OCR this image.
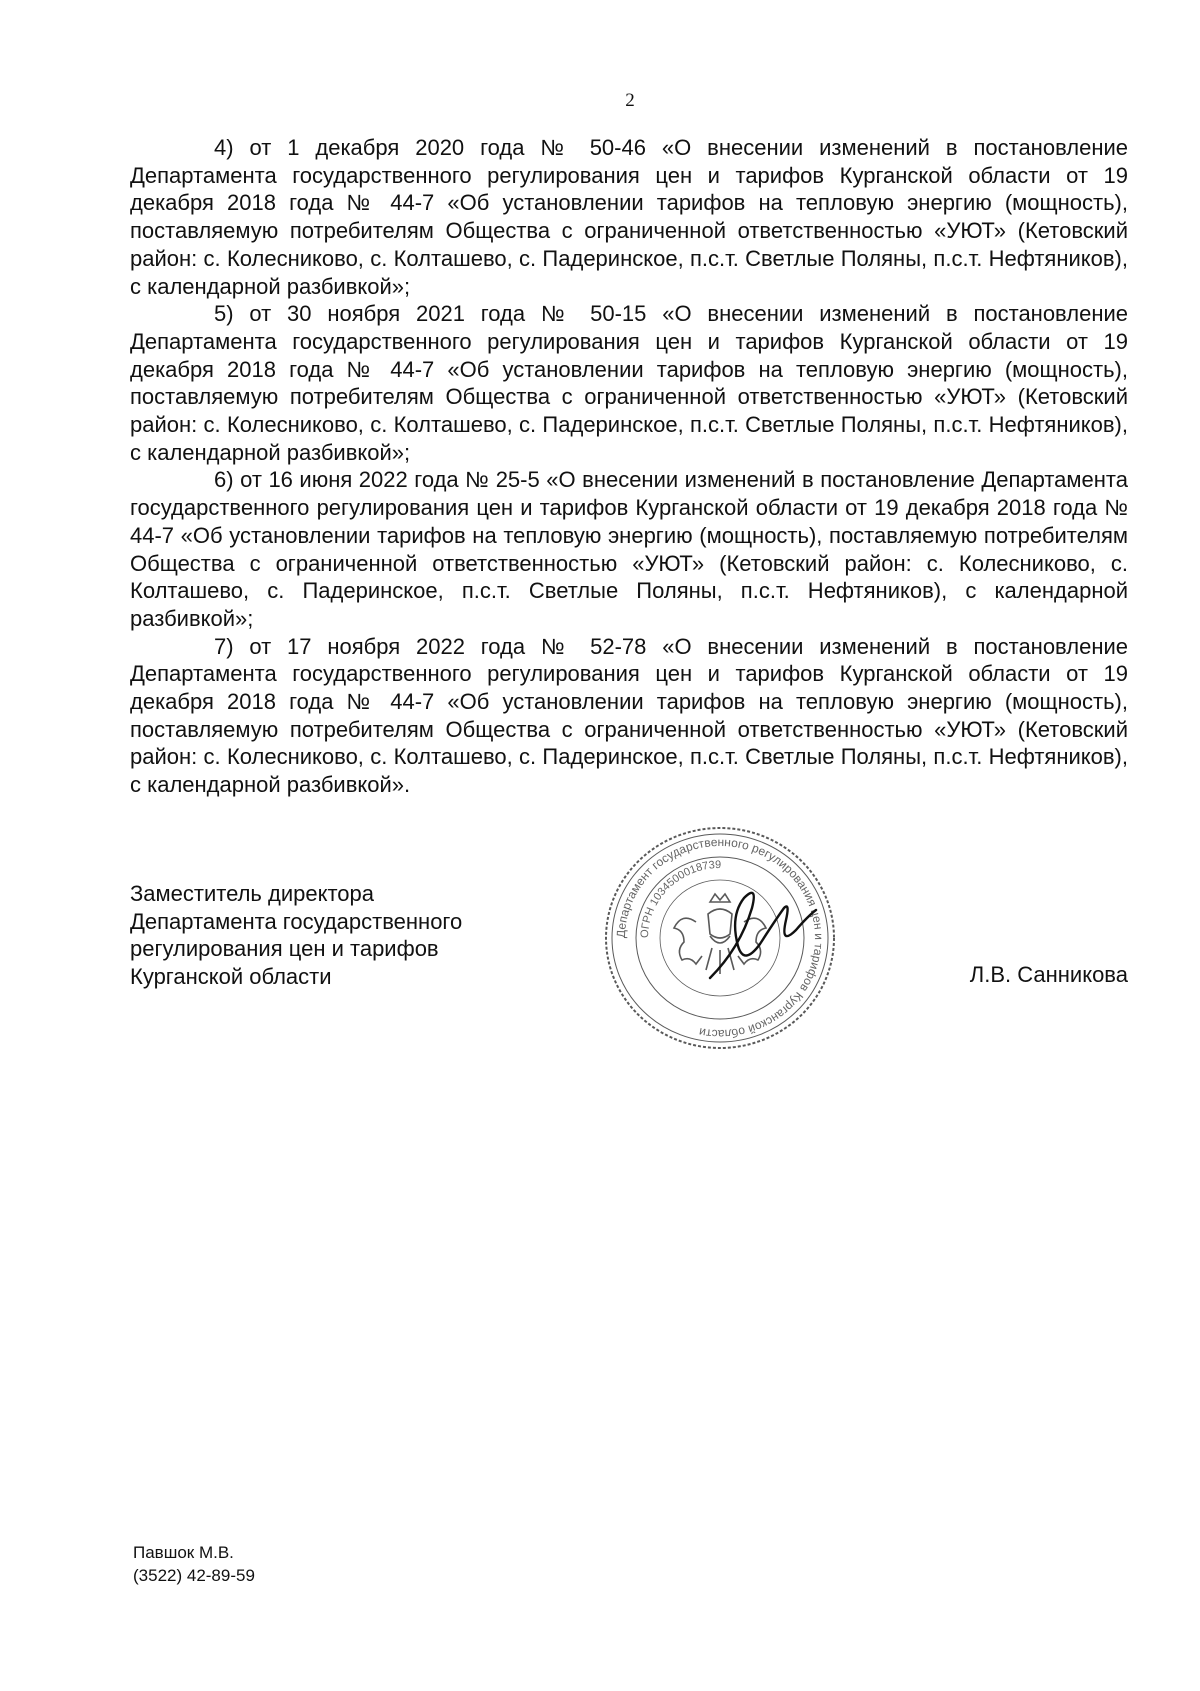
2

4) от 1 декабря 2020 года № 50-46 «О внесении изменений в постановление Департамента государственного регулирования цен и тарифов Курганской области от 19 декабря 2018 года № 44-7 «Об установлении тарифов на тепловую энергию (мощность), поставляемую потребителям Общества с ограниченной ответственностью «УЮТ» (Кетовский район: с. Колесниково, с. Колташево, с. Падеринское, п.с.т. Светлые Поляны, п.с.т. Нефтяников), с календарной разбивкой»;

5) от 30 ноября 2021 года № 50-15 «О внесении изменений в постановление Департамента государственного регулирования цен и тарифов Курганской области от 19 декабря 2018 года № 44-7 «Об установлении тарифов на тепловую энергию (мощность), поставляемую потребителям Общества с ограниченной ответственностью «УЮТ» (Кетовский район: с. Колесниково, с. Колташево, с. Падеринское, п.с.т. Светлые Поляны, п.с.т. Нефтяников), с календарной разбивкой»;

6) от 16 июня 2022 года № 25-5 «О внесении изменений в постановление Департамента государственного регулирования цен и тарифов Курганской области от 19 декабря 2018 года № 44-7 «Об установлении тарифов на тепловую энергию (мощность), поставляемую потребителям Общества с ограниченной ответственностью «УЮТ» (Кетовский район: с. Колесниково, с. Колташево, с. Падеринское, п.с.т. Светлые Поляны, п.с.т. Нефтяников), с календарной разбивкой»;

7) от 17 ноября 2022 года № 52-78 «О внесении изменений в постановление Департамента государственного регулирования цен и тарифов Курганской области от 19 декабря 2018 года № 44-7 «Об установлении тарифов на тепловую энергию (мощность), поставляемую потребителям Общества с ограниченной ответственностью «УЮТ» (Кетовский район: с. Колесниково, с. Колташево, с. Падеринское, п.с.т. Светлые Поляны, п.с.т. Нефтяников), с календарной разбивкой».

Заместитель директора
Департамента государственного
регулирования цен и тарифов
Курганской области
Департамент государственного регулирования цен и тарифов Курганской области
ОГРН 1034500018739
Л.В. Санникова
Павшок М.В.
(3522) 42-89-59
